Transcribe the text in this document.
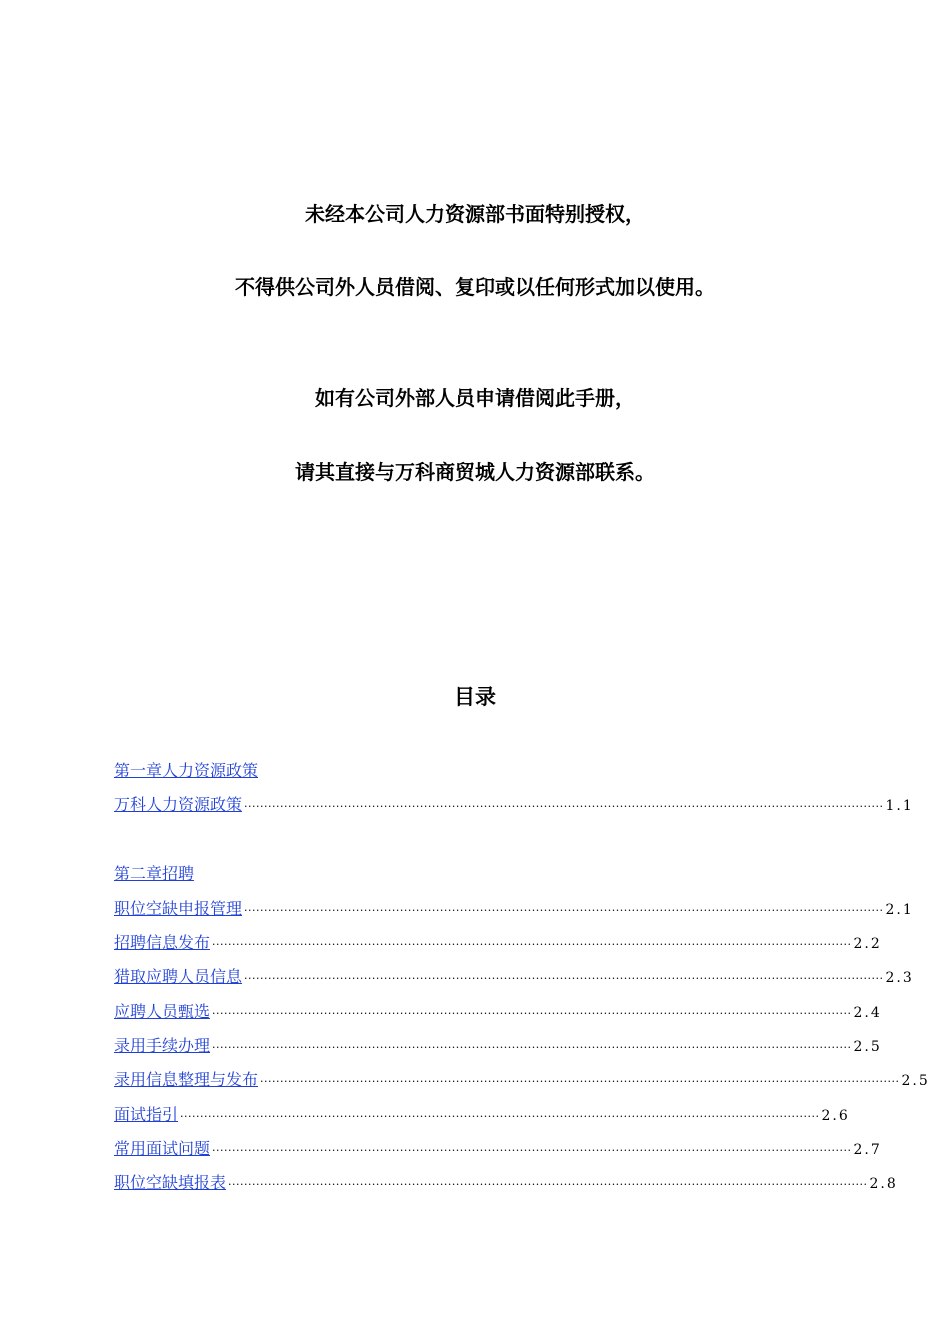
未经本公司人力资源部书面特别授权，

不得供公司外人员借阅、复印或以任何形式加以使用。

如有公司外部人员申请借阅此手册，

请其直接与万科商贸城人力资源部联系。

目录
第一章人力资源政策
万科人力资源政策 ································································································································································ 1.1
第二章招聘
职位空缺申报管理 ································································································································································ 2.1
招聘信息发布 ································································································································································ 2.2
猎取应聘人员信息 ································································································································································ 2.3
应聘人员甄选 ································································································································································ 2.4
录用手续办理 ································································································································································ 2.5
录用信息整理与发布 ································································································································································ 2.5
面试指引 ································································································································································ 2.6
常用面试问题 ································································································································································ 2.7
职位空缺填报表 ································································································································································ 2.8
